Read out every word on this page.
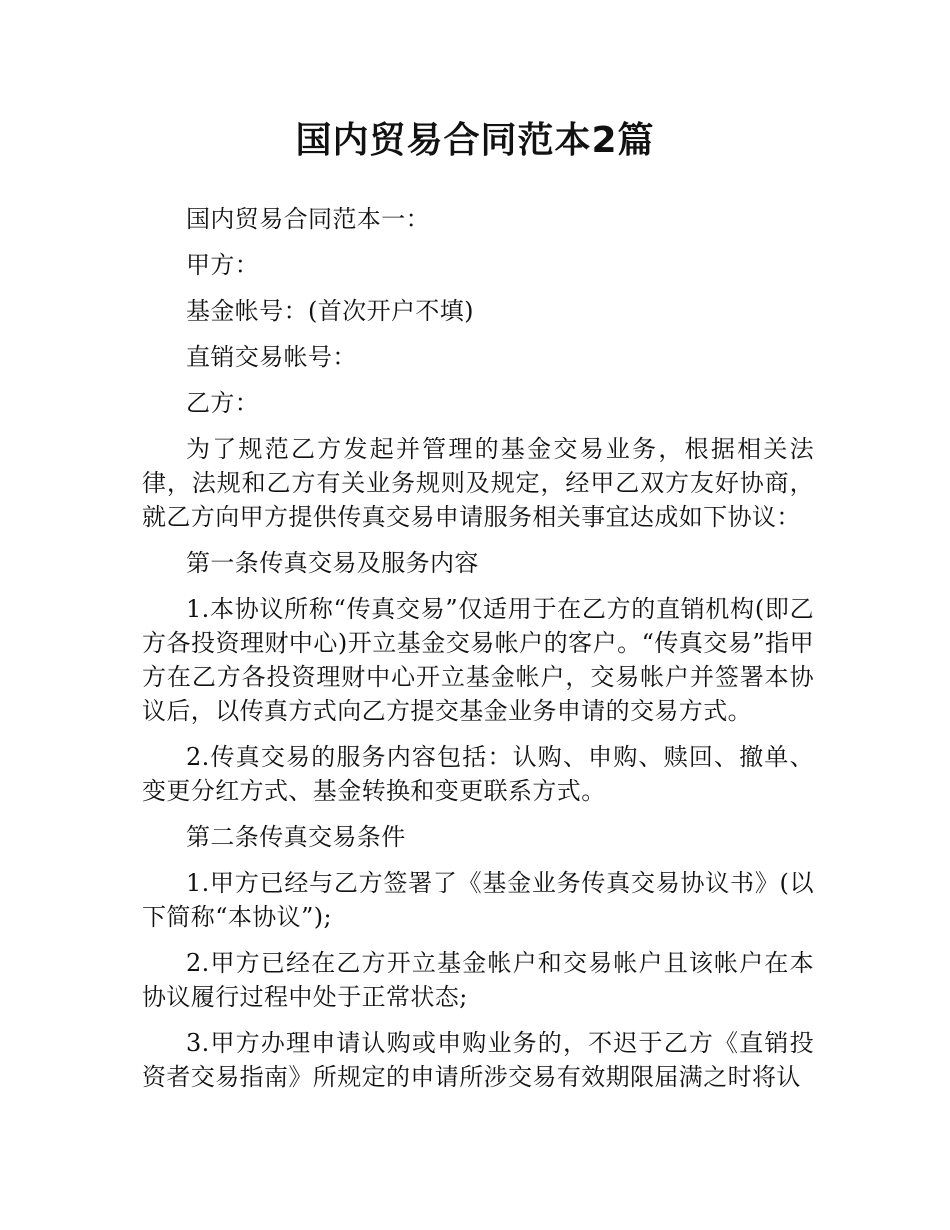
国内贸易合同范本2篇

国内贸易合同范本一：

甲方：

基金帐号：(首次开户不填)

直销交易帐号：

乙方：

为了规范乙方发起并管理的基金交易业务，根据相关法律，法规和乙方有关业务规则及规定，经甲乙双方友好协商，就乙方向甲方提供传真交易申请服务相关事宜达成如下协议：

第一条传真交易及服务内容

1.本协议所称“传真交易”仅适用于在乙方的直销机构(即乙方各投资理财中心)开立基金交易帐户的客户。“传真交易”指甲方在乙方各投资理财中心开立基金帐户，交易帐户并签署本协议后，以传真方式向乙方提交基金业务申请的交易方式。

2.传真交易的服务内容包括：认购、申购、赎回、撤单、变更分红方式、基金转换和变更联系方式。

第二条传真交易条件

1.甲方已经与乙方签署了《基金业务传真交易协议书》(以下简称“本协议”);

2.甲方已经在乙方开立基金帐户和交易帐户且该帐户在本协议履行过程中处于正常状态;

3.甲方办理申请认购或申购业务的，不迟于乙方《直销投资者交易指南》所规定的申请所涉交易有效期限届满之时将认
